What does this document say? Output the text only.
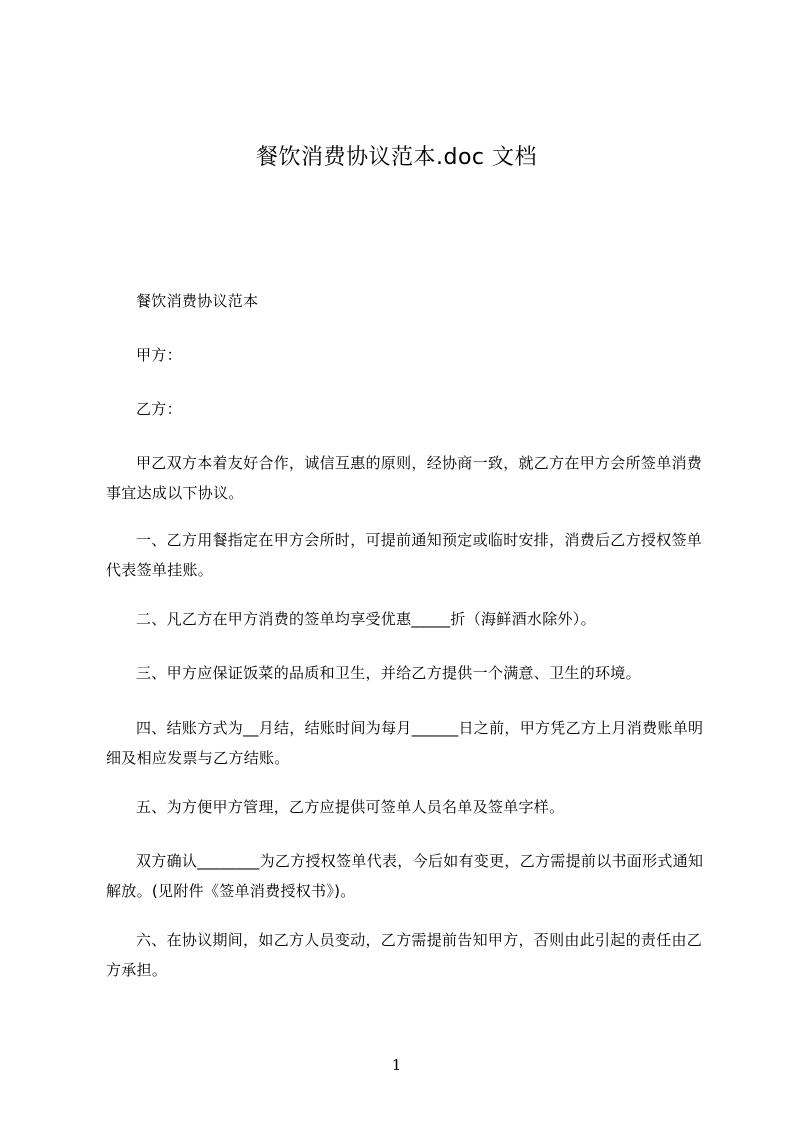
餐饮消费协议范本.doc 文档

餐饮消费协议范本

甲方：

乙方：

甲乙双方本着友好合作，诚信互惠的原则，经协商一致，就乙方在甲方会所签单消费事宜达成以下协议。

一、乙方用餐指定在甲方会所时，可提前通知预定或临时安排，消费后乙方授权签单代表签单挂账。

二、凡乙方在甲方消费的签单均享受优惠_____折（海鲜酒水除外）。

三、甲方应保证饭菜的品质和卫生，并给乙方提供一个满意、卫生的环境。

四、结账方式为__月结，结账时间为每月______日之前，甲方凭乙方上月消费账单明细及相应发票与乙方结账。

五、为方便甲方管理，乙方应提供可签单人员名单及签单字样。

双方确认________为乙方授权签单代表，今后如有变更，乙方需提前以书面形式通知解放。(见附件《签单消费授权书》)。

六、在协议期间，如乙方人员变动，乙方需提前告知甲方，否则由此引起的责任由乙方承担。

1
